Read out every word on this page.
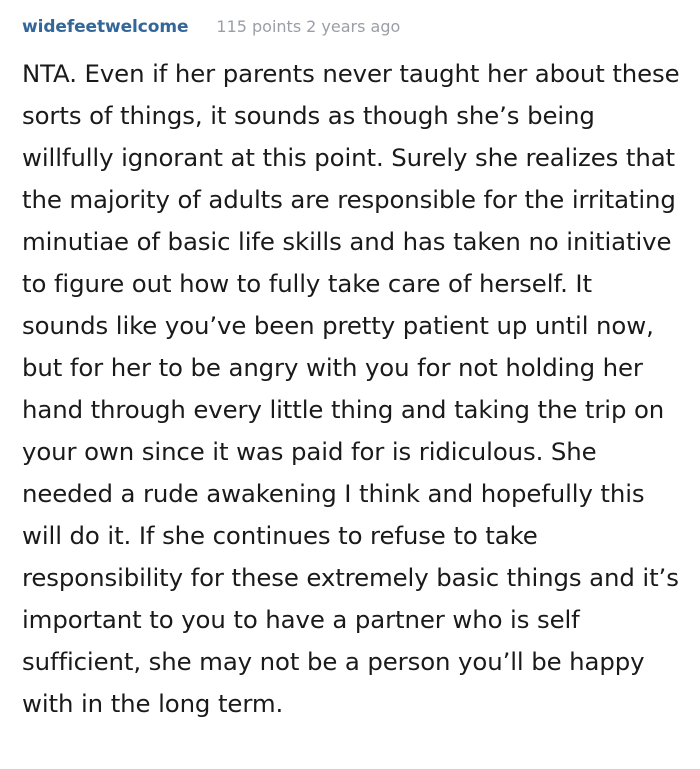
widefeetwelcome 115 points 2 years ago
NTA. Even if her parents never taught her about these sorts of things, it sounds as though she’s being willfully ignorant at this point. Surely she realizes that the majority of adults are responsible for the irritating minutiae of basic life skills and has taken no initiative to figure out how to fully take care of herself. It sounds like you’ve been pretty patient up until now, but for her to be angry with you for not holding her hand through every little thing and taking the trip on your own since it was paid for is ridiculous. She needed a rude awakening I think and hopefully this will do it. If she continues to refuse to take responsibility for these extremely basic things and it’s important to you to have a partner who is self sufficient, she may not be a person you’ll be happy with in the long term.
